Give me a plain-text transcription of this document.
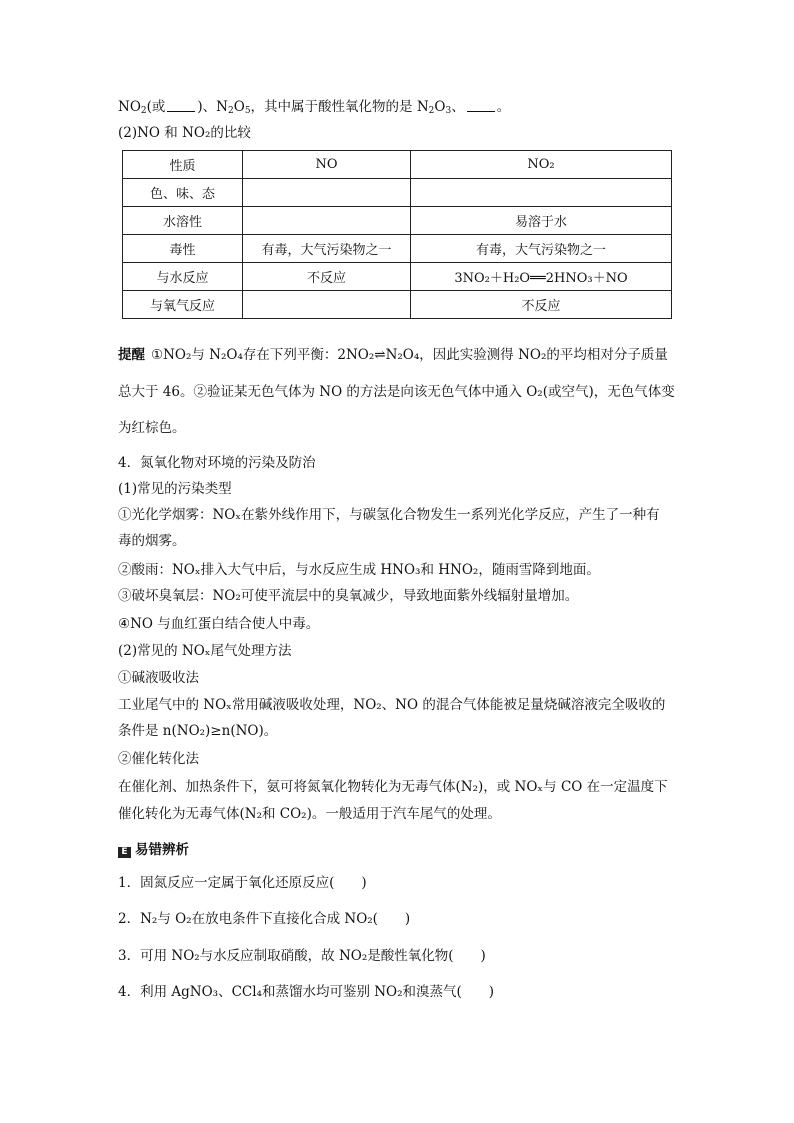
$NO_2$(或 )、$N_2O_5$，其中属于酸性氧化物的是 $N_2O_3$、 。
(2)NO 和 NO₂的比较
性质	NO	NO₂
色、味、态		
水溶性		易溶于水
毒性	有毒，大气污染物之一	有毒，大气污染物之一
与水反应	不反应	3NO₂＋H₂O══2HNO₃＋NO
与氧气反应		不反应
提醒 ①NO₂与 N₂O₄存在下列平衡：2NO₂⇌N₂O₄，因此实验测得 NO₂的平均相对分子质量
总大于 46。②验证某无色气体为 NO 的方法是向该无色气体中通入 O₂(或空气)，无色气体变
为红棕色。
4．氮氧化物对环境的污染及防治
(1)常见的污染类型
①光化学烟雾：NOₓ在紫外线作用下，与碳氢化合物发生一系列光化学反应，产生了一种有
毒的烟雾。
②酸雨：NOₓ排入大气中后，与水反应生成 HNO₃和 HNO₂，随雨雪降到地面。
③破坏臭氧层：NO₂可使平流层中的臭氧减少，导致地面紫外线辐射量增加。
④NO 与血红蛋白结合使人中毒。
(2)常见的 NOₓ尾气处理方法
①碱液吸收法
工业尾气中的 NOₓ常用碱液吸收处理，NO₂、NO 的混合气体能被足量烧碱溶液完全吸收的
条件是 n(NO₂)≥n(NO)。
②催化转化法
在催化剂、加热条件下，氨可将氮氧化物转化为无毒气体(N₂)，或 NOₓ与 CO 在一定温度下
催化转化为无毒气体(N₂和 CO₂)。一般适用于汽车尾气的处理。
E 易错辨析
1．固氮反应一定属于氧化还原反应(　　)
2．N₂与 O₂在放电条件下直接化合成 NO₂(　　)
3．可用 NO₂与水反应制取硝酸，故 NO₂是酸性氧化物(　　)
4．利用 AgNO₃、CCl₄和蒸馏水均可鉴别 NO₂和溴蒸气(　　)
